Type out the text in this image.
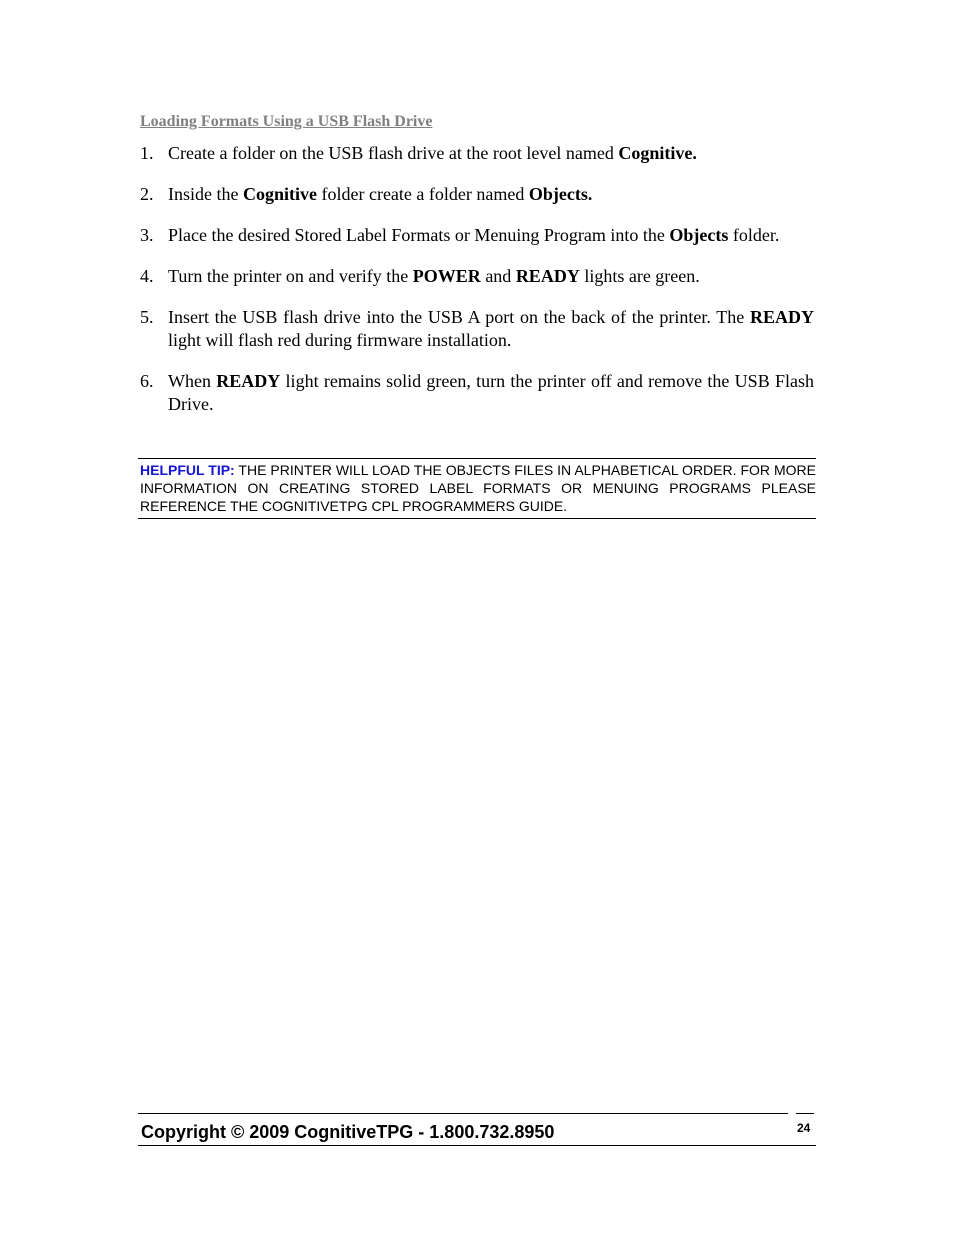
Loading Formats Using a USB Flash Drive
1. Create a folder on the USB flash drive at the root level named Cognitive.
2. Inside the Cognitive folder create a folder named Objects.
3. Place the desired Stored Label Formats or Menuing Program into the Objects folder.
4. Turn the printer on and verify the POWER and READY lights are green.
5. Insert the USB flash drive into the USB A port on the back of the printer. The READY light will flash red during firmware installation.
6. When READY light remains solid green, turn the printer off and remove the USB Flash Drive.
HELPFUL TIP: THE PRINTER WILL LOAD THE OBJECTS FILES IN ALPHABETICAL ORDER. FOR MORE INFORMATION ON CREATING STORED LABEL FORMATS OR MENUING PROGRAMS PLEASE REFERENCE THE COGNITIVETPG CPL PROGRAMMERS GUIDE.
Copyright © 2009 CognitiveTPG - 1.800.732.8950	24
